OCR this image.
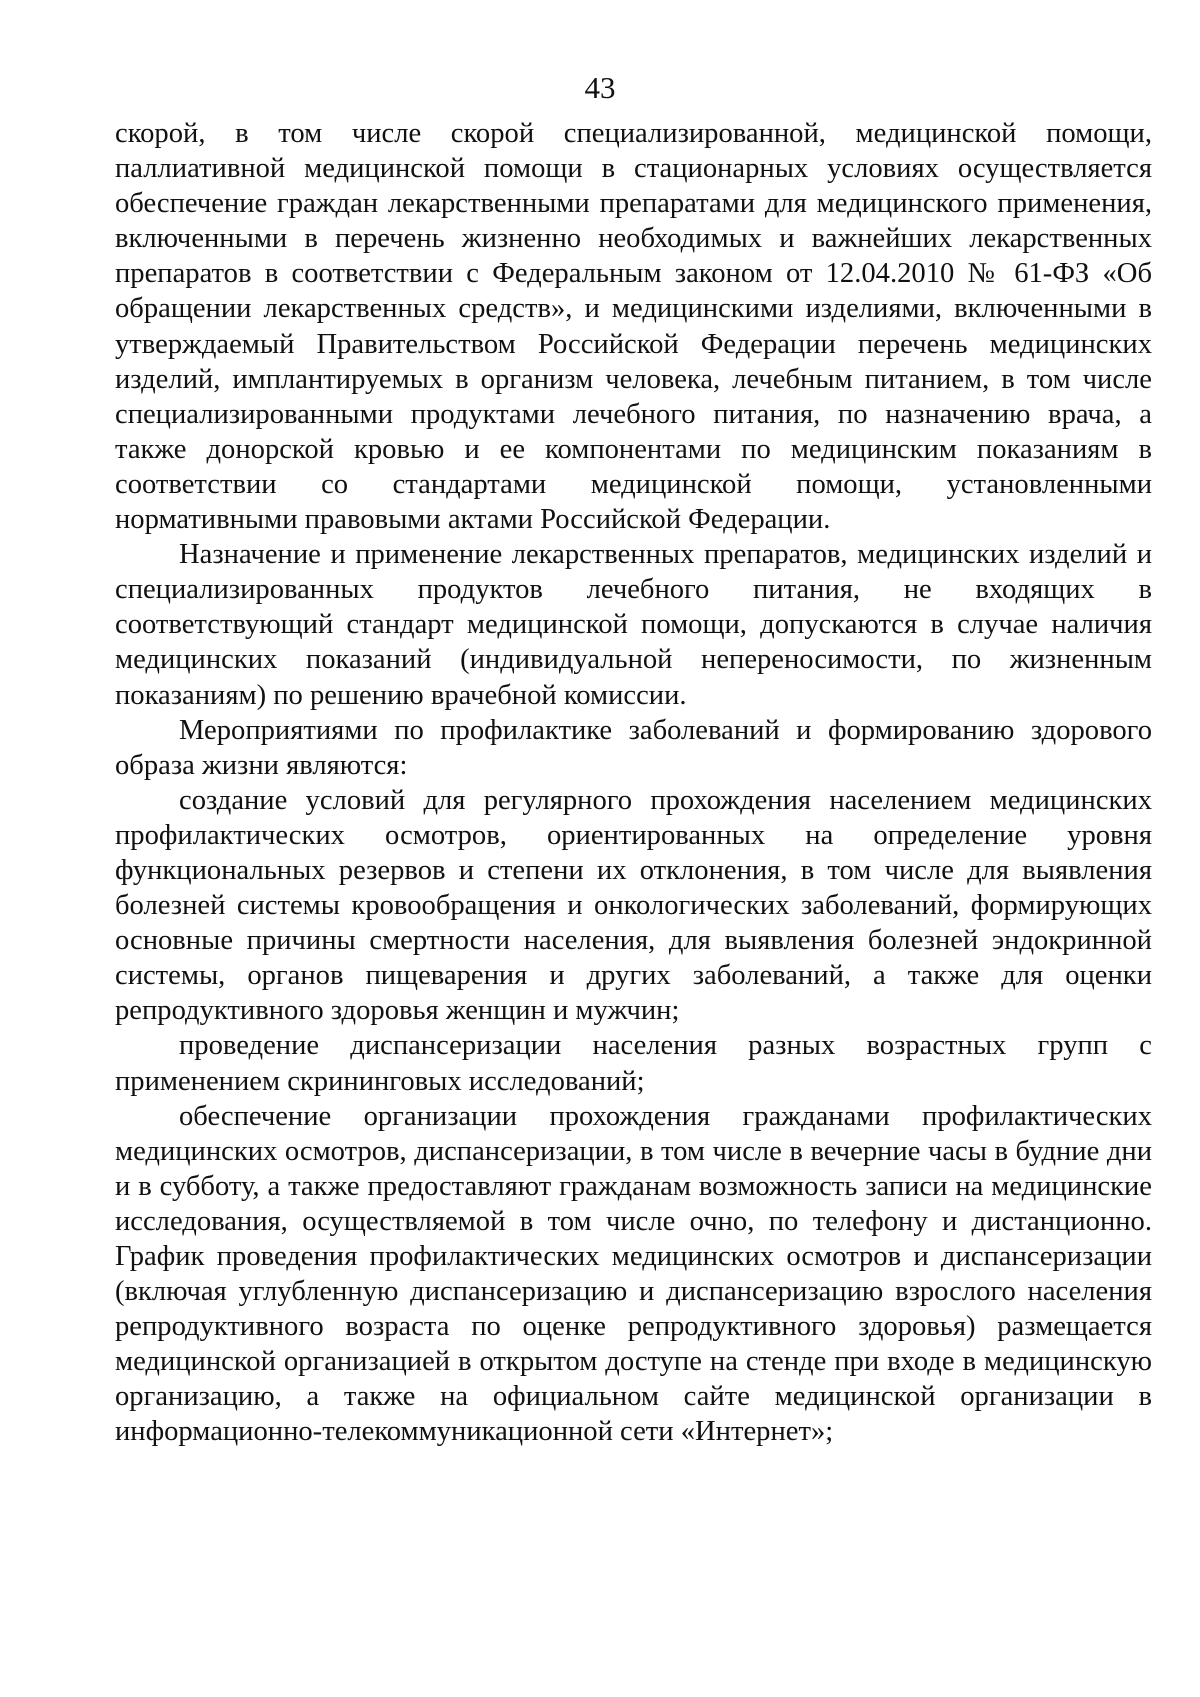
43

скорой, в том числе скорой специализированной, медицинской помощи, паллиативной медицинской помощи в стационарных условиях осуществляется обеспечение граждан лекарственными препаратами для медицинского применения, включенными в перечень жизненно необходимых и важнейших лекарственных препаратов в соответствии с Федеральным законом от 12.04.2010 № 61-ФЗ «Об обращении лекарственных средств», и медицинскими изделиями, включенными в утверждаемый Правительством Российской Федерации перечень медицинских изделий, имплантируемых в организм человека, лечебным питанием, в том числе специализированными продуктами лечебного питания, по назначению врача, а также донорской кровью и ее компонентами по медицинским показаниям в соответствии со стандартами медицинской помощи, установленными нормативными правовыми актами Российской Федерации.

Назначение и применение лекарственных препаратов, медицинских изделий и специализированных продуктов лечебного питания, не входящих в соответствующий стандарт медицинской помощи, допускаются в случае наличия медицинских показаний (индивидуальной непереносимости, по жизненным показаниям) по решению врачебной комиссии.

Мероприятиями по профилактике заболеваний и формированию здорового образа жизни являются:

создание условий для регулярного прохождения населением медицинских профилактических осмотров, ориентированных на определение уровня функциональных резервов и степени их отклонения, в том числе для выявления болезней системы кровообращения и онкологических заболеваний, формирующих основные причины смертности населения, для выявления болезней эндокринной системы, органов пищеварения и других заболеваний, а также для оценки репродуктивного здоровья женщин и мужчин;

проведение диспансеризации населения разных возрастных групп с применением скрининговых исследований;

обеспечение организации прохождения гражданами профилактических медицинских осмотров, диспансеризации, в том числе в вечерние часы в будние дни и в субботу, а также предоставляют гражданам возможность записи на медицинские исследования, осуществляемой в том числе очно, по телефону и дистанционно. График проведения профилактических медицинских осмотров и диспансеризации (включая углубленную диспансеризацию и диспансеризацию взрослого населения репродуктивного возраста по оценке репродуктивного здоровья) размещается медицинской организацией в открытом доступе на стенде при входе в медицинскую организацию, а также на официальном сайте медицинской организации в информационно-телекоммуникационной сети «Интернет»;
